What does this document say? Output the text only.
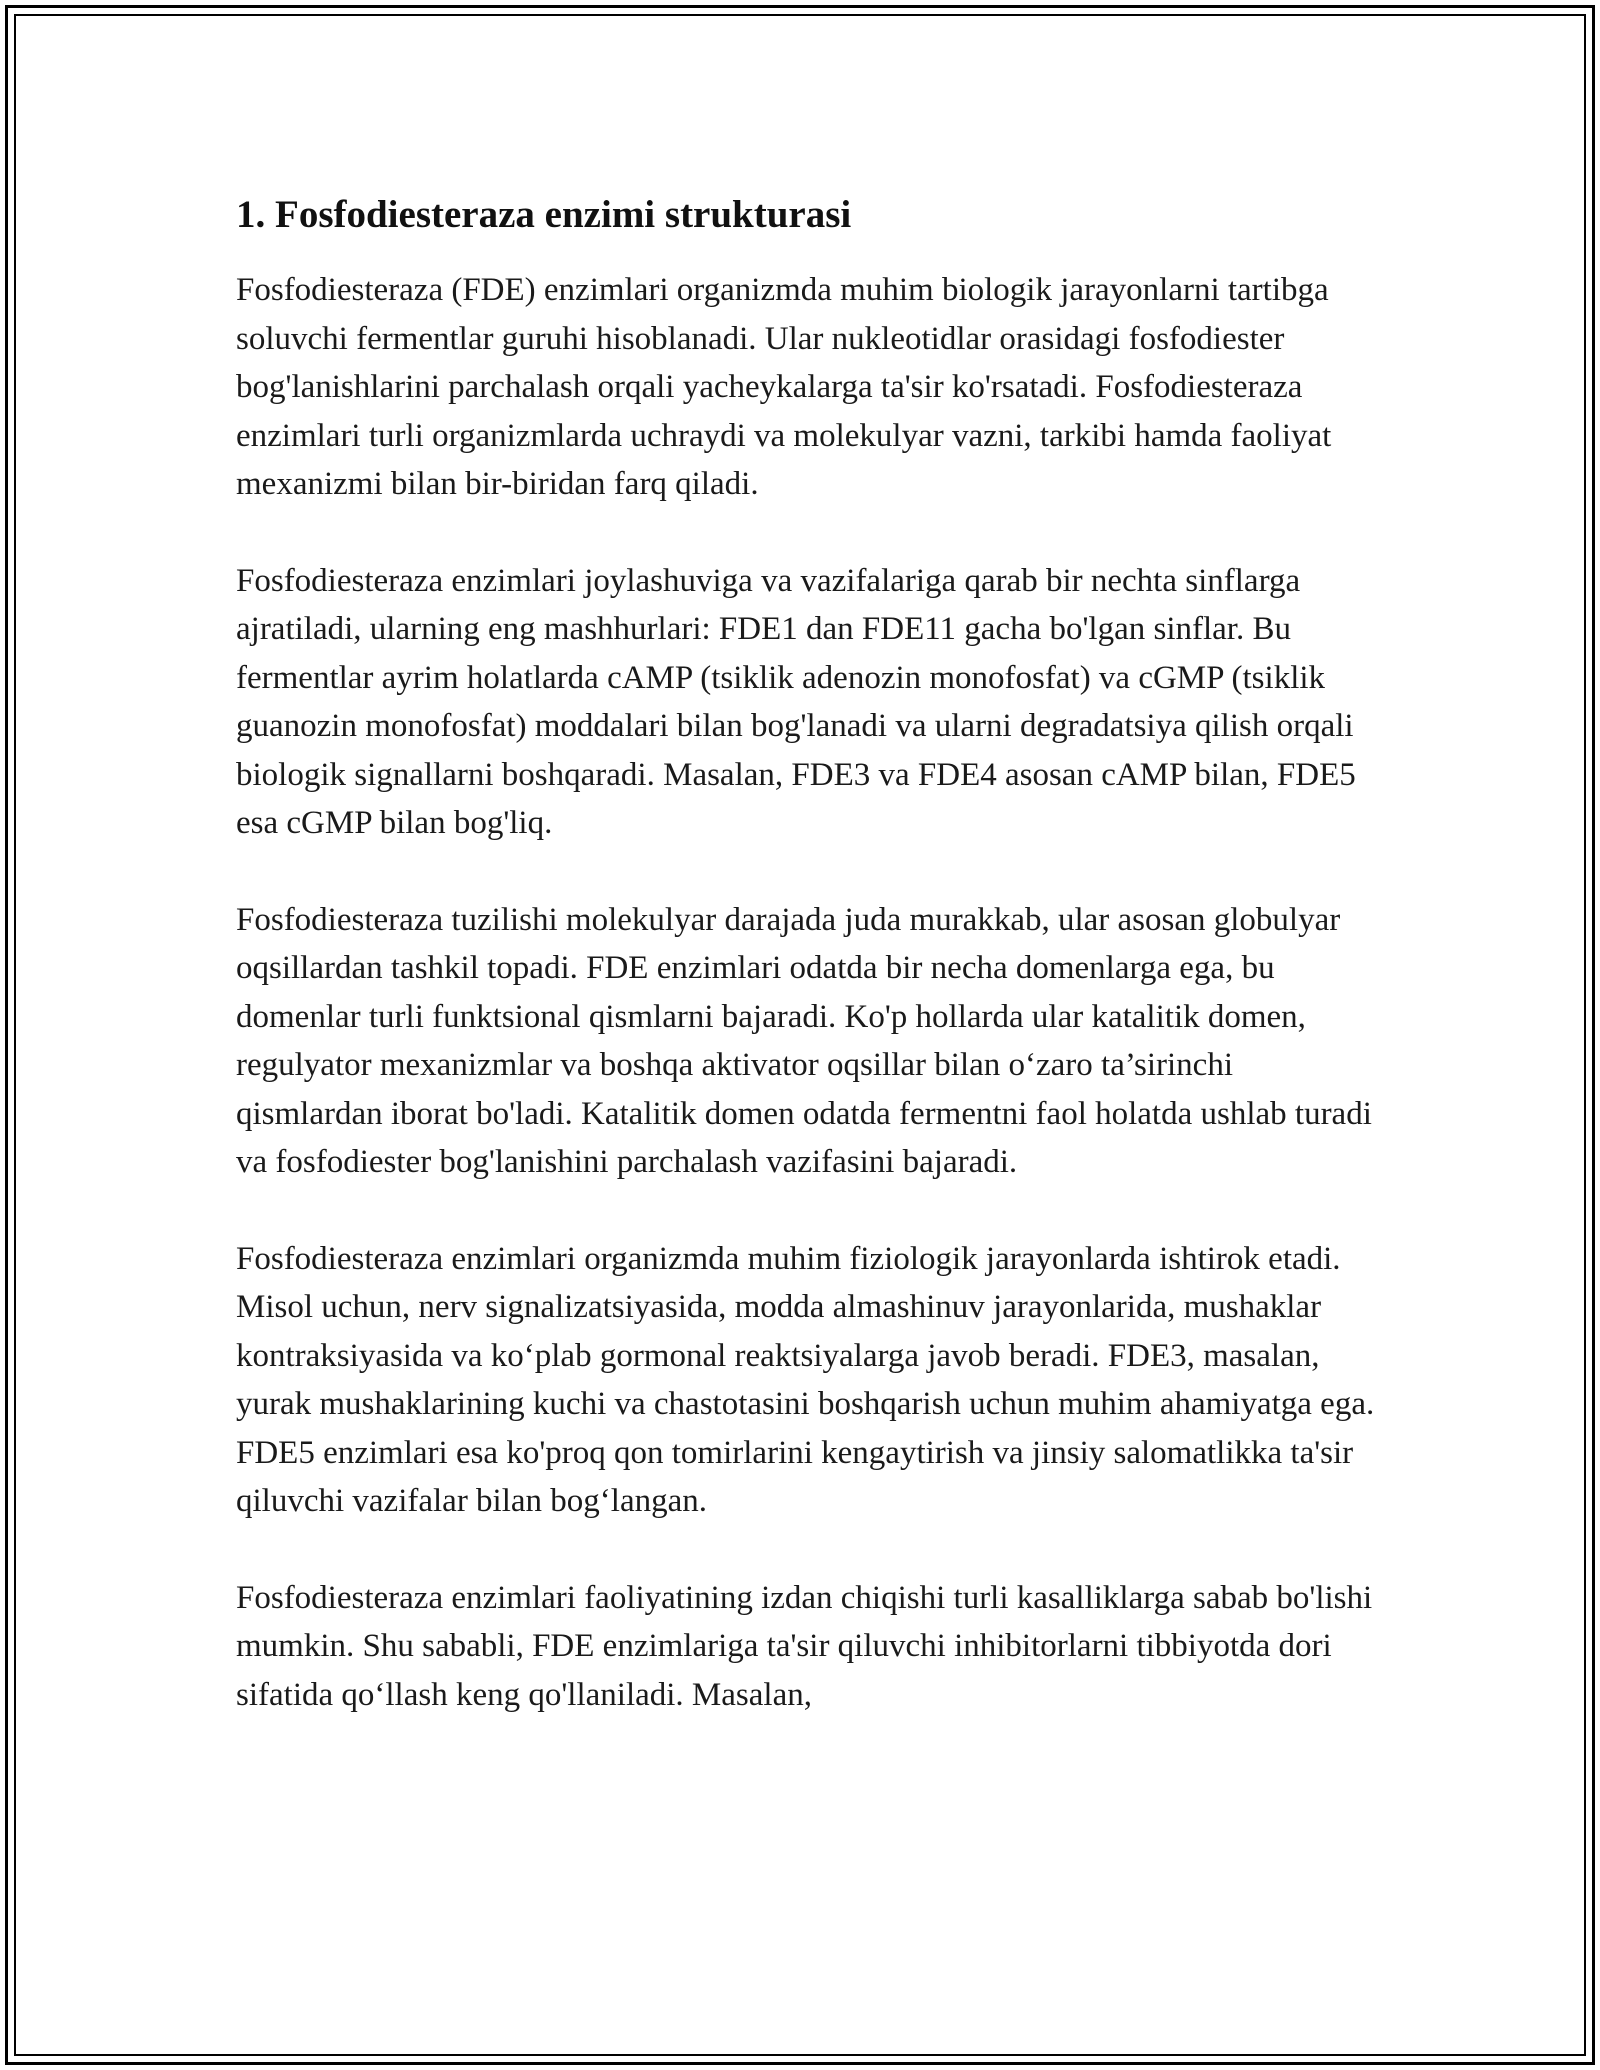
1. Fosfodiesteraza enzimi strukturasi

Fosfodiesteraza (FDE) enzimlari organizmda muhim biologik jarayonlarni tartibga soluvchi fermentlar guruhi hisoblanadi. Ular nukleotidlar orasidagi fosfodiester bog'lanishlarini parchalash orqali yacheykalarga ta'sir ko'rsatadi. Fosfodiesteraza enzimlari turli organizmlarda uchraydi va molekulyar vazni, tarkibi hamda faoliyat mexanizmi bilan bir-biridan farq qiladi.

Fosfodiesteraza enzimlari joylashuviga va vazifalariga qarab bir nechta sinflarga ajratiladi, ularning eng mashhurlari: FDE1 dan FDE11 gacha bo'lgan sinflar. Bu fermentlar ayrim holatlarda cAMP (tsiklik adenozin monofosfat) va cGMP (tsiklik guanozin monofosfat) moddalari bilan bog'lanadi va ularni degradatsiya qilish orqali biologik signallarni boshqaradi. Masalan, FDE3 va FDE4 asosan cAMP bilan, FDE5 esa cGMP bilan bog'liq.

Fosfodiesteraza tuzilishi molekulyar darajada juda murakkab, ular asosan globulyar oqsillardan tashkil topadi. FDE enzimlari odatda bir necha domenlarga ega, bu domenlar turli funktsional qismlarni bajaradi. Ko'p hollarda ular katalitik domen, regulyator mexanizmlar va boshqa aktivator oqsillar bilan o‘zaro ta’sirinchi qismlardan iborat bo'ladi. Katalitik domen odatda fermentni faol holatda ushlab turadi va fosfodiester bog'lanishini parchalash vazifasini bajaradi.

Fosfodiesteraza enzimlari organizmda muhim fiziologik jarayonlarda ishtirok etadi. Misol uchun, nerv signalizatsiyasida, modda almashinuv jarayonlarida, mushaklar kontraksiyasida va ko‘plab gormonal reaktsiyalarga javob beradi. FDE3, masalan, yurak mushaklarining kuchi va chastotasini boshqarish uchun muhim ahamiyatga ega. FDE5 enzimlari esa ko'proq qon tomirlarini kengaytirish va jinsiy salomatlikka ta'sir qiluvchi vazifalar bilan bog‘langan.

Fosfodiesteraza enzimlari faoliyatining izdan chiqishi turli kasalliklarga sabab bo'lishi mumkin. Shu sababli, FDE enzimlariga ta'sir qiluvchi inhibitorlarni tibbiyotda dori sifatida qo‘llash keng qo'llaniladi. Masalan,
